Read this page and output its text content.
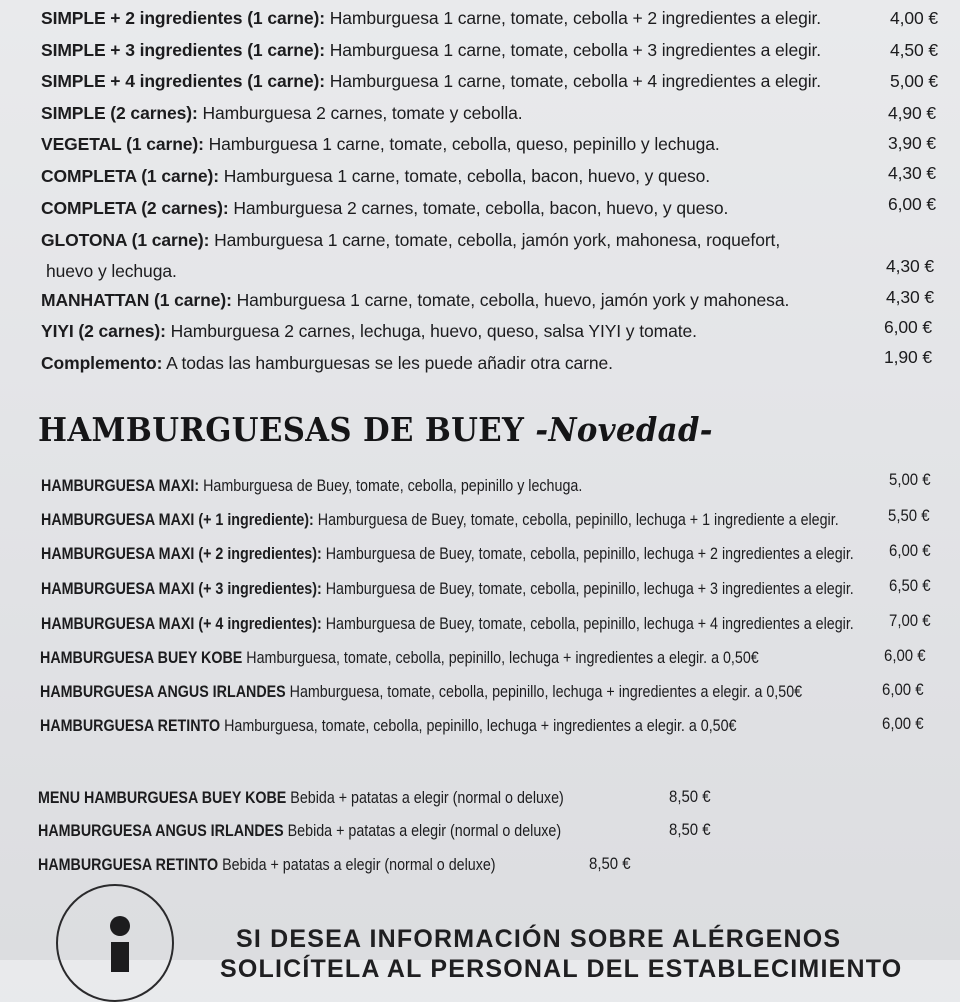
SIMPLE + 2 ingredientes (1 carne): Hamburguesa 1 carne, tomate, cebolla + 2 ingredientes a elegir.	4,00 €
SIMPLE + 3 ingredientes (1 carne): Hamburguesa 1 carne, tomate, cebolla + 3 ingredientes a elegir.	4,50 €
SIMPLE + 4 ingredientes (1 carne): Hamburguesa 1 carne, tomate, cebolla + 4 ingredientes a elegir.	5,00 €
SIMPLE (2 carnes): Hamburguesa 2 carnes, tomate y cebolla.	4,90 €
VEGETAL (1 carne): Hamburguesa 1 carne, tomate, cebolla, queso, pepinillo y lechuga.	3,90 €
COMPLETA (1 carne): Hamburguesa 1 carne, tomate, cebolla, bacon, huevo, y queso.	4,30 €
COMPLETA (2 carnes): Hamburguesa 2 carnes, tomate, cebolla, bacon, huevo, y queso.	6,00 €
GLOTONA (1 carne): Hamburguesa 1 carne, tomate, cebolla, jamón york, mahonesa, roquefort,
huevo y lechuga.	4,30 €
MANHATTAN (1 carne): Hamburguesa 1 carne, tomate, cebolla, huevo, jamón york y mahonesa.	4,30 €
YIYI (2 carnes): Hamburguesa 2 carnes, lechuga, huevo, queso, salsa YIYI y tomate.	6,00 €
Complemento: A todas las hamburguesas se les puede añadir otra carne.	1,90 €
HAMBURGUESAS DE BUEY -Novedad-
HAMBURGUESA MAXI: Hamburguesa de Buey, tomate, cebolla, pepinillo y lechuga.	5,00 €
HAMBURGUESA MAXI (+ 1 ingrediente): Hamburguesa de Buey, tomate, cebolla, pepinillo, lechuga + 1 ingrediente a elegir.	5,50 €
HAMBURGUESA MAXI (+ 2 ingredientes): Hamburguesa de Buey, tomate, cebolla, pepinillo, lechuga + 2 ingredientes a elegir. 6,00 €
HAMBURGUESA MAXI (+ 3 ingredientes): Hamburguesa de Buey, tomate, cebolla, pepinillo, lechuga + 3 ingredientes a elegir. 6,50 €
HAMBURGUESA MAXI (+ 4 ingredientes): Hamburguesa de Buey, tomate, cebolla, pepinillo, lechuga + 4 ingredientes a elegir. 7,00 €
HAMBURGUESA BUEY KOBE Hamburguesa, tomate, cebolla, pepinillo, lechuga + ingredientes a elegir. a 0,50€	6,00 €
HAMBURGUESA ANGUS IRLANDES Hamburguesa, tomate, cebolla, pepinillo, lechuga + ingredientes a elegir. a 0,50€	6,00 €
HAMBURGUESA RETINTO Hamburguesa, tomate, cebolla, pepinillo, lechuga + ingredientes a elegir. a 0,50€	6,00 €
MENU HAMBURGUESA BUEY KOBE Bebida + patatas a elegir (normal o deluxe)	8,50 €
HAMBURGUESA ANGUS IRLANDES Bebida + patatas a elegir (normal o deluxe)	8,50 €
HAMBURGUESA RETINTO Bebida + patatas a elegir (normal o deluxe)	8,50 €
SI DESEA INFORMACIÓN SOBRE ALÉRGENOS
SOLICÍTELA AL PERSONAL DEL ESTABLECIMIENTO
